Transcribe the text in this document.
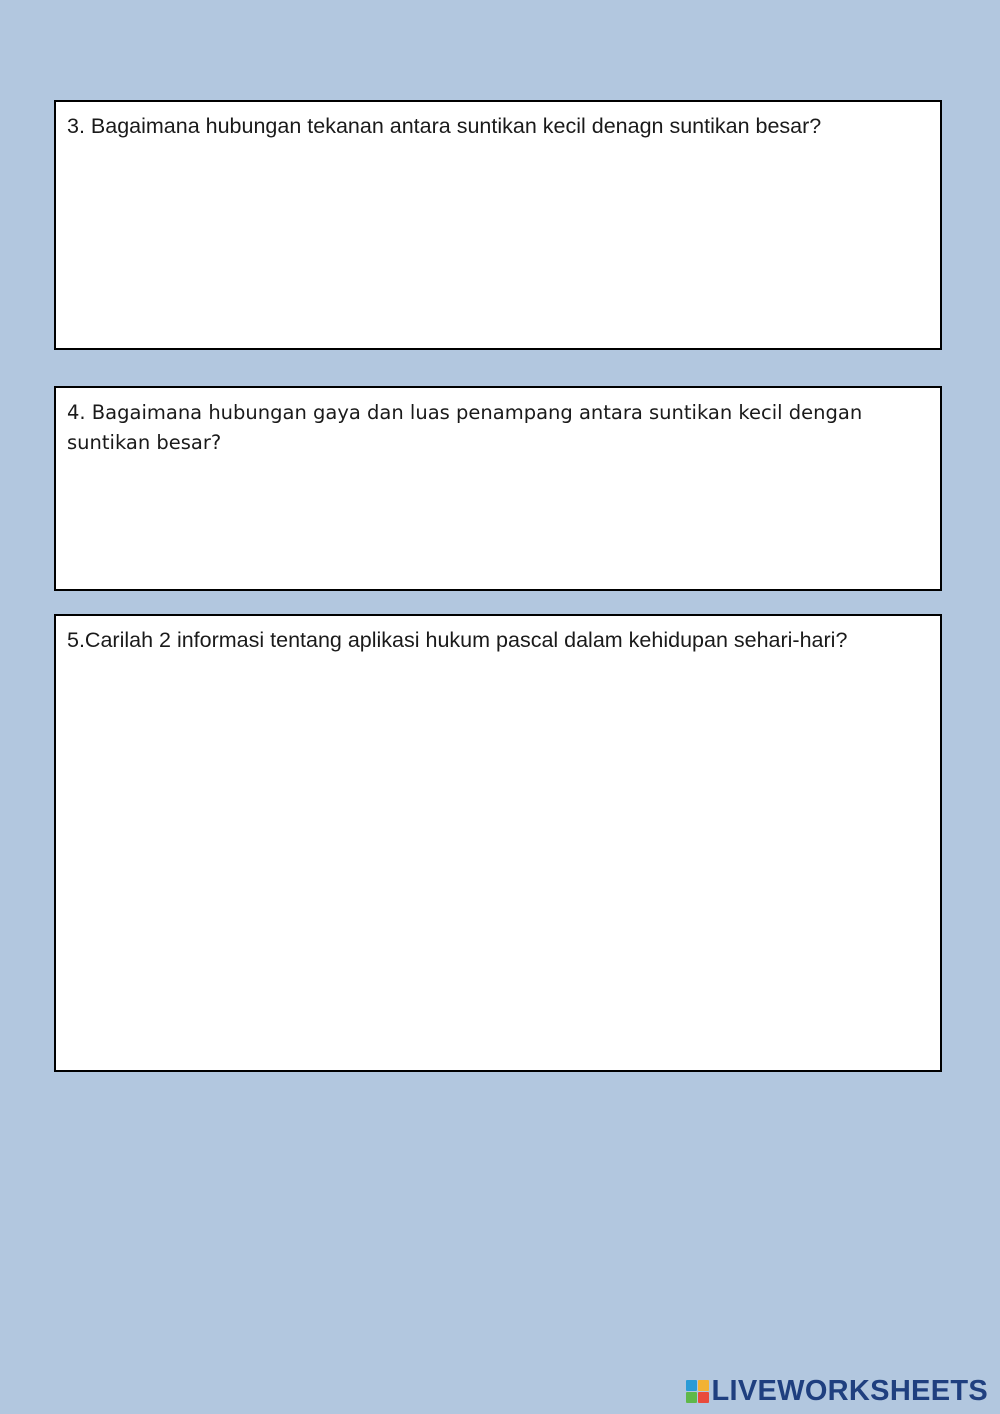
3. Bagaimana hubungan tekanan antara suntikan kecil denagn suntikan besar?

4. Bagaimana hubungan gaya dan luas penampang antara suntikan kecil dengan suntikan besar?

5.Carilah 2 informasi tentang aplikasi hukum pascal dalam kehidupan sehari-hari?

LIVEWORKSHEETS
